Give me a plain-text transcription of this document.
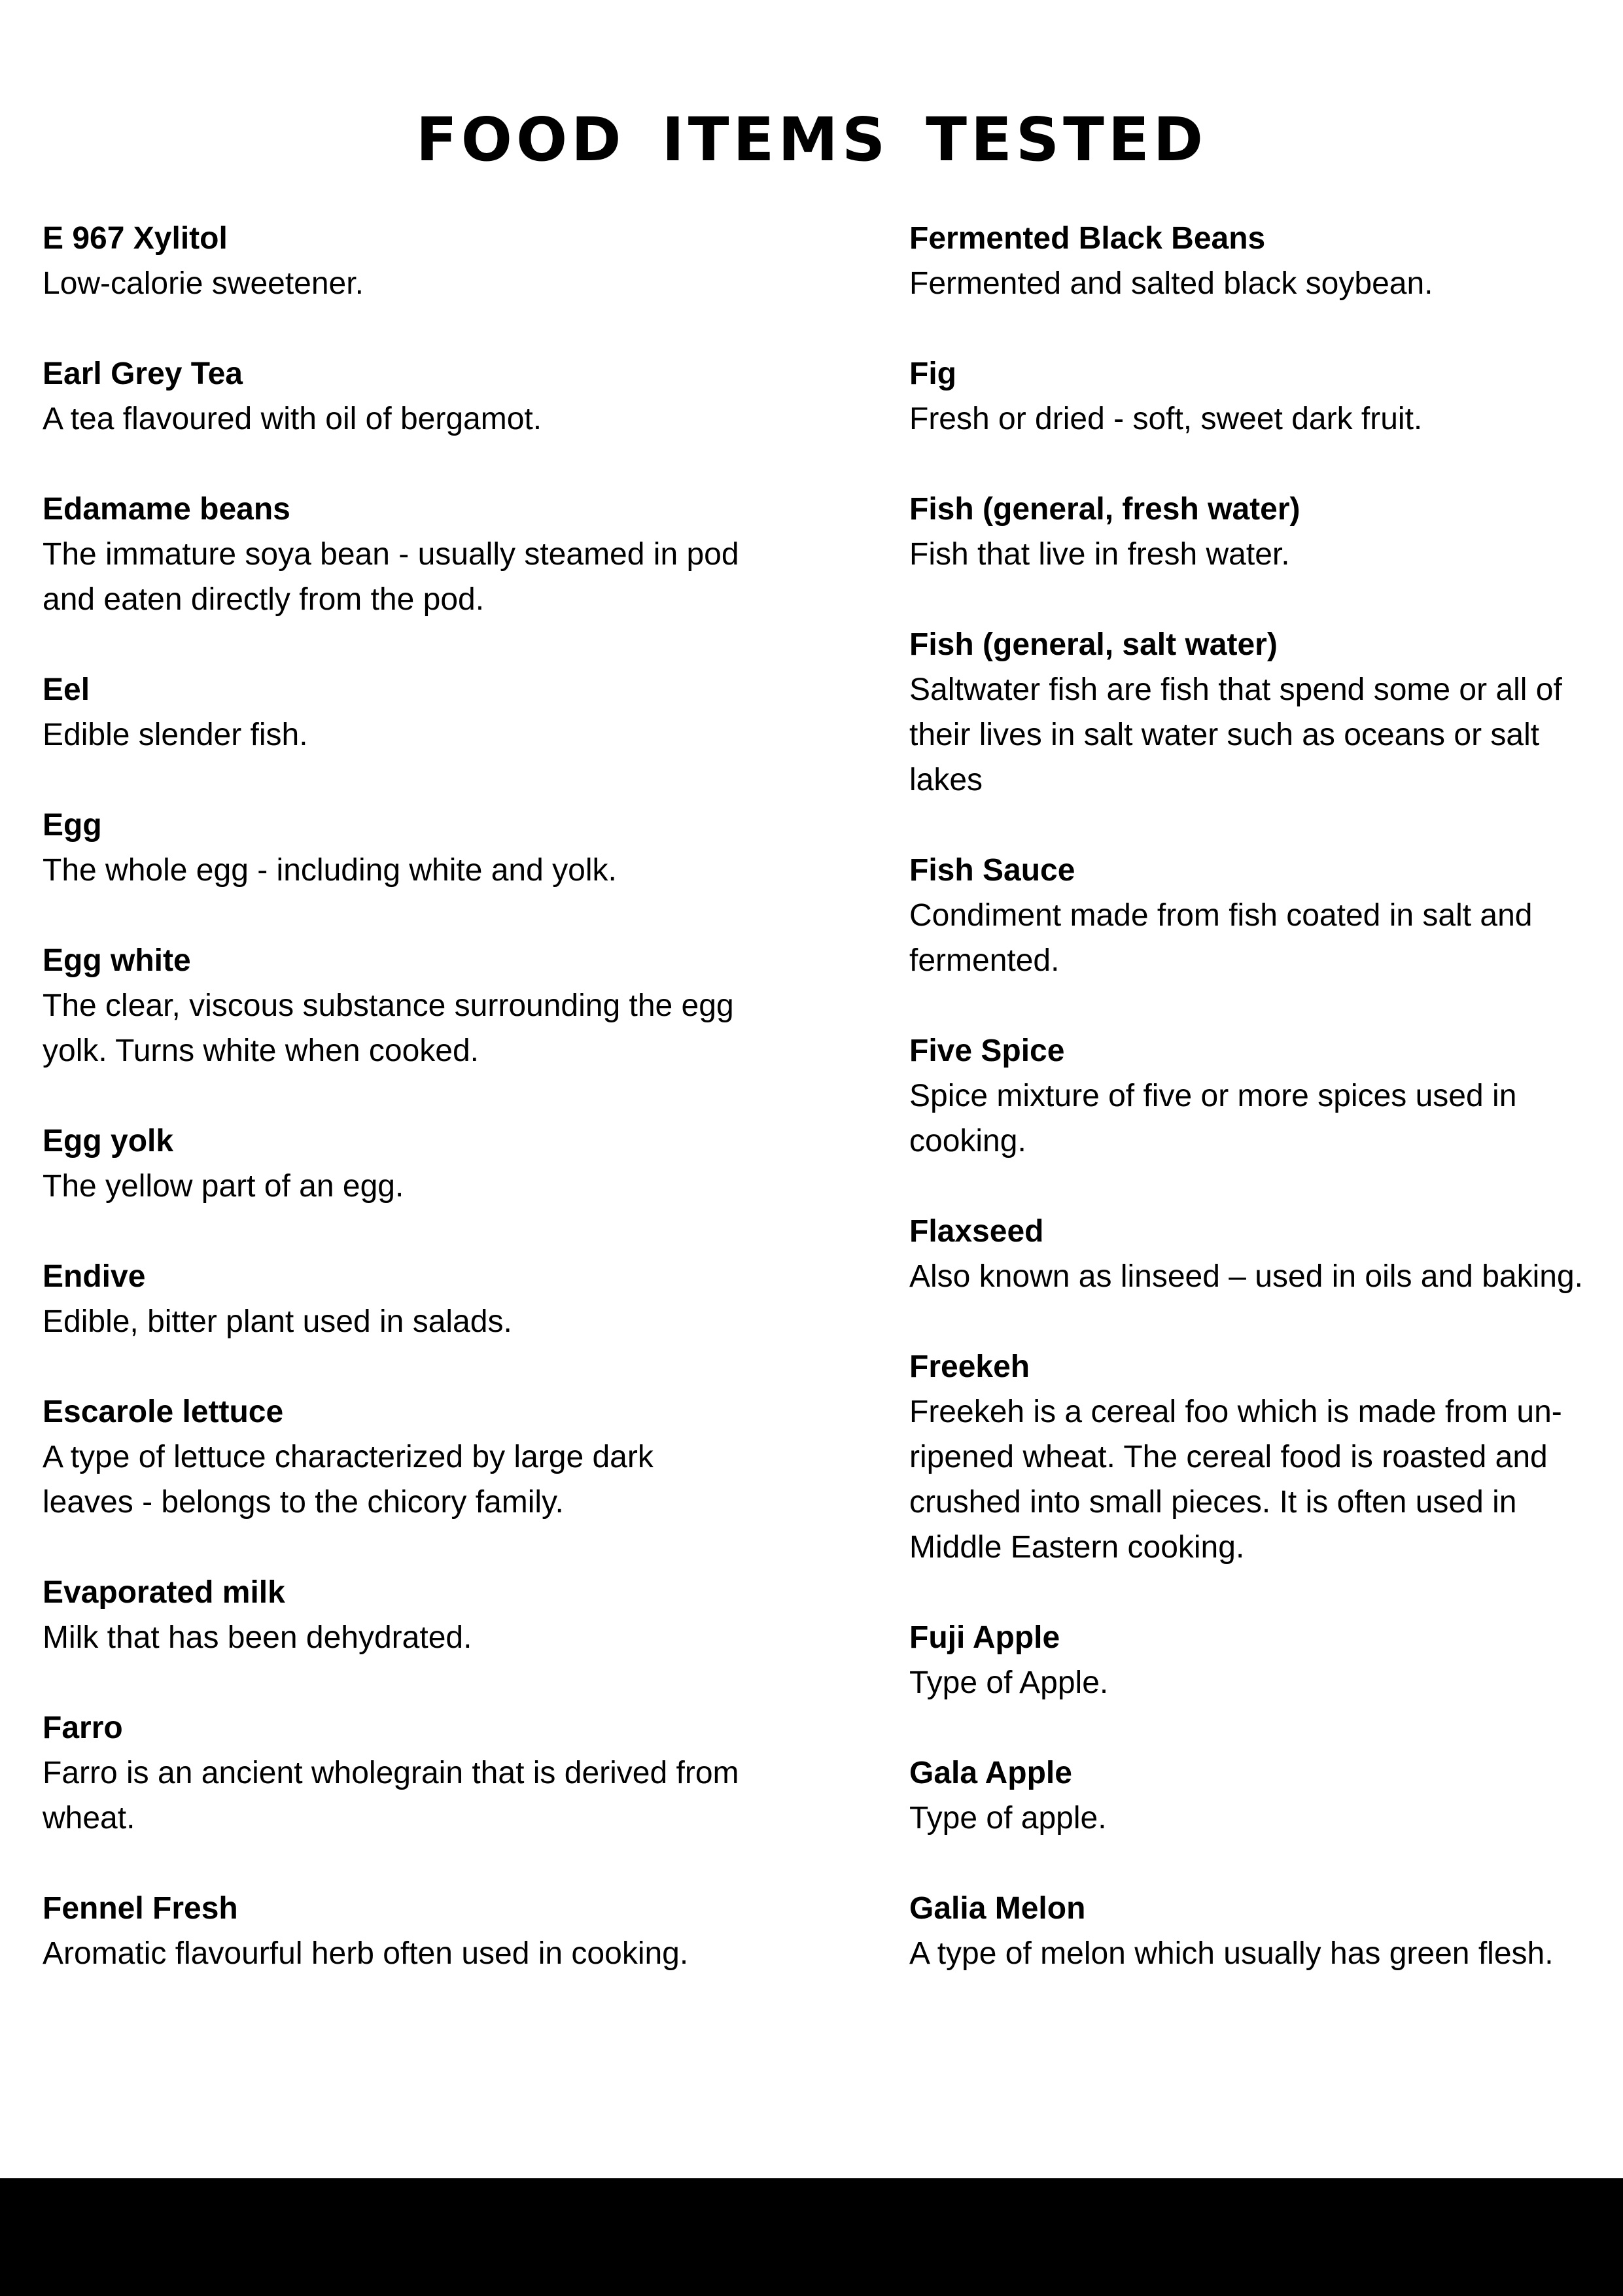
FOOD ITEMS TESTED
E 967 Xylitol
Low-calorie sweetener.
Earl Grey Tea
A tea flavoured with oil of bergamot.
Edamame beans
The immature soya bean - usually steamed in pod and eaten directly from the pod.
Eel
Edible slender fish.
Egg
The whole egg - including white and yolk.
Egg white
The clear, viscous substance surrounding the egg yolk. Turns white when cooked.
Egg yolk
The yellow part of an egg.
Endive
Edible, bitter plant used in salads.
Escarole lettuce
A type of lettuce characterized by large dark leaves - belongs to the chicory family.
Evaporated milk
Milk that has been dehydrated.
Farro
Farro is an ancient wholegrain that is derived from wheat.
Fennel Fresh
Aromatic flavourful herb often used in cooking.
Fermented Black Beans
Fermented and salted black soybean.
Fig
Fresh or dried - soft, sweet dark fruit.
Fish (general, fresh water)
Fish that live in fresh water.
Fish (general, salt water)
Saltwater fish are fish that spend some or all of their lives in salt water such as oceans or salt lakes
Fish Sauce
Condiment made from fish coated in salt and fermented.
Five Spice
Spice mixture of five or more spices used in cooking.
Flaxseed
Also known as linseed – used in oils and baking.
Freekeh
Freekeh is a cereal foo which is made from un-ripened wheat. The cereal food is roasted and crushed into small pieces. It is often used in Middle Eastern cooking.
Fuji Apple
Type of Apple.
Gala Apple
Type of apple.
Galia Melon
A type of melon which usually has green flesh.
